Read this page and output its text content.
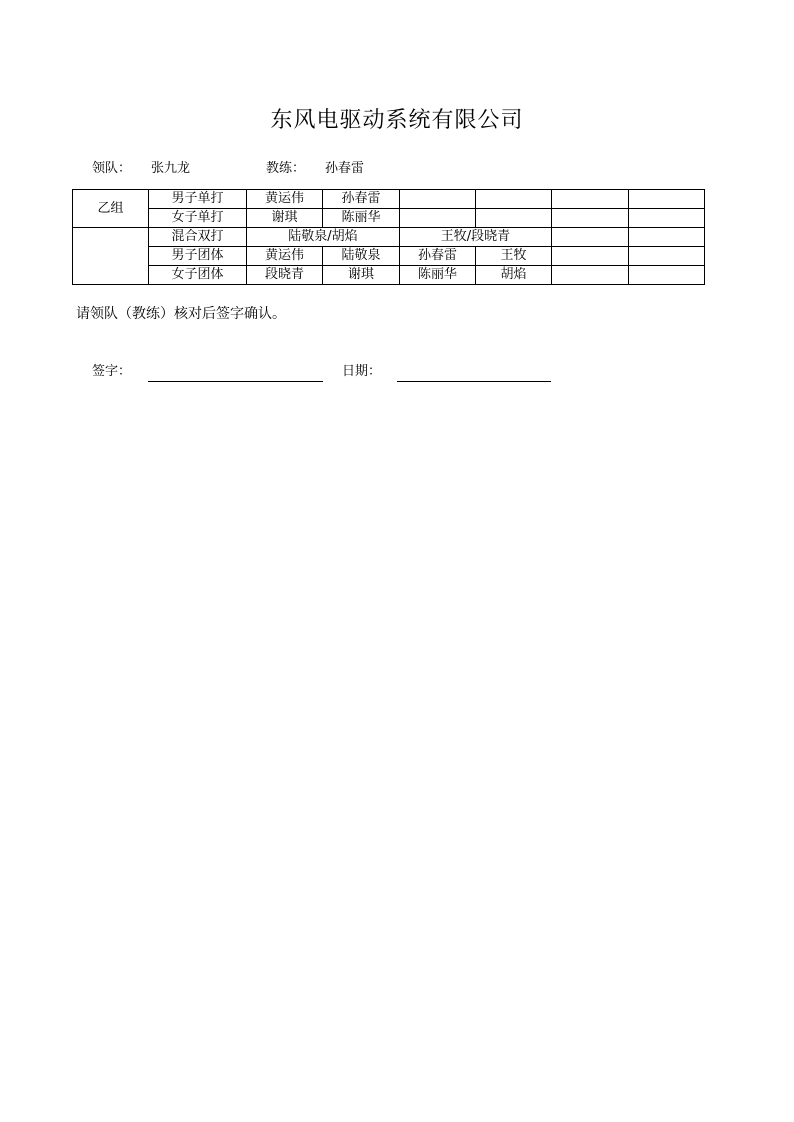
东风电驱动系统有限公司
领队： 张九龙	教练： 孙春雷
乙组	男子单打	黄运伟	孙春雷				
	女子单打	谢琪	陈丽华				
	混合双打	陆敬泉/胡焰		王牧/段晓青			
	男子团体	黄运伟	陆敬泉	孙春雷	王牧		
	女子团体	段晓青	谢琪	陈丽华	胡焰		
请领队（教练）核对后签字确认。
签字：	日期：
